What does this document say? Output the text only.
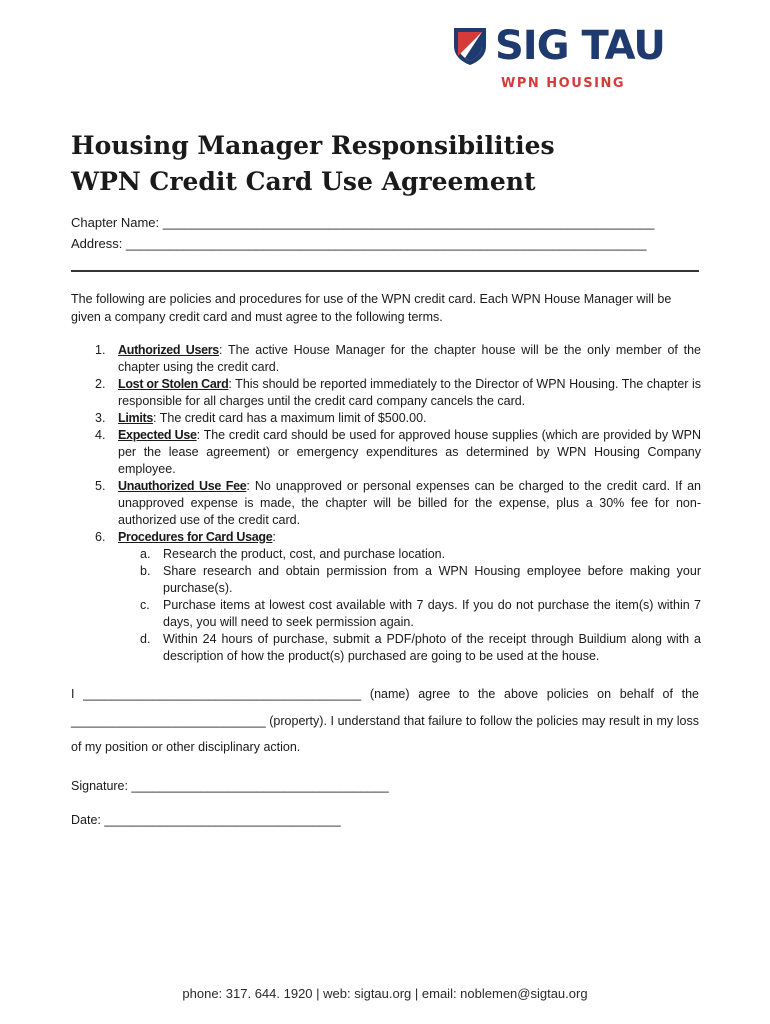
SIG TAU
WPN HOUSING
Housing Manager Responsibilities
WPN Credit Card Use Agreement
Chapter Name: ____________________________________________________________________
Address: ________________________________________________________________________
The following are policies and procedures for use of the WPN credit card. Each WPN House Manager will be given a company credit card and must agree to the following terms.
1. Authorized Users: The active House Manager for the chapter house will be the only member of the chapter using the credit card.
2. Lost or Stolen Card: This should be reported immediately to the Director of WPN Housing. The chapter is responsible for all charges until the credit card company cancels the card.
3. Limits: The credit card has a maximum limit of $500.00.
4. Expected Use: The credit card should be used for approved house supplies (which are provided by WPN per the lease agreement) or emergency expenditures as determined by WPN Housing Company employee.
5. Unauthorized Use Fee: No unapproved or personal expenses can be charged to the credit card. If an unapproved expense is made, the chapter will be billed for the expense, plus a 30% fee for non-authorized use of the credit card.
6. Procedures for Card Usage:
a. Research the product, cost, and purchase location.
b. Share research and obtain permission from a WPN Housing employee before making your purchase(s).
c. Purchase items at lowest cost available with 7 days. If you do not purchase the item(s) within 7 days, you will need to seek permission again.
d. Within 24 hours of purchase, submit a PDF/photo of the receipt through Buildium along with a description of how the product(s) purchased are going to be used at the house.
I ________________________________________ (name) agree to the above policies on behalf of the ____________________________ (property). I understand that failure to follow the policies may result in my loss of my position or other disciplinary action.
Signature: _____________________________________
Date: __________________________________
phone: 317. 644. 1920 | web: sigtau.org | email: noblemen@sigtau.org
